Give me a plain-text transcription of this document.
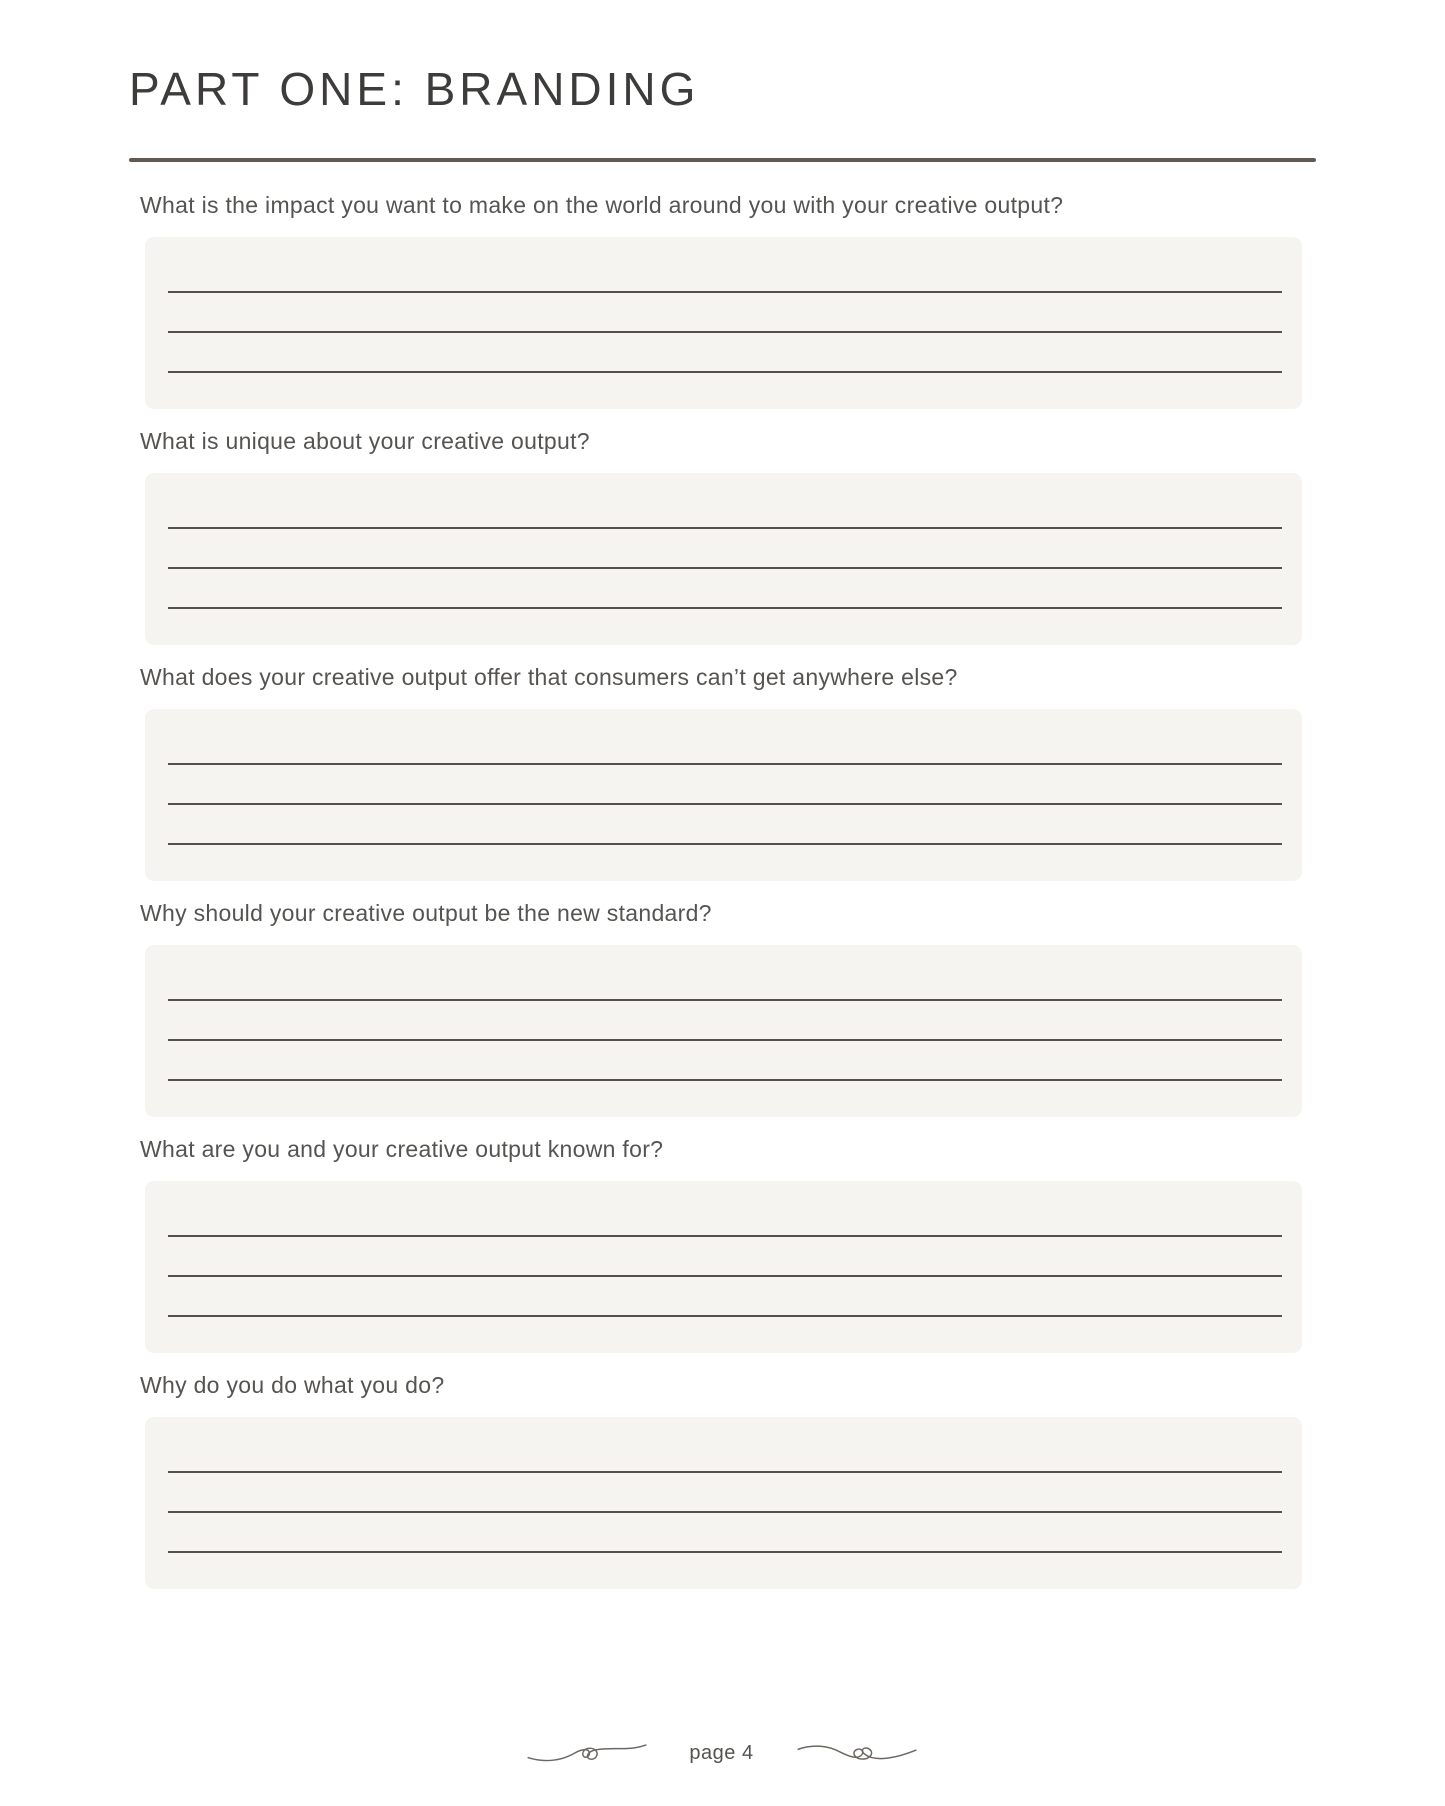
PART ONE: BRANDING

What is the impact you want to make on the world around you with your creative output?

What is unique about your creative output?

What does your creative output offer that consumers can’t get anywhere else?

Why should your creative output be the new standard?

What are you and your creative output known for?

Why do you do what you do?

page 4
